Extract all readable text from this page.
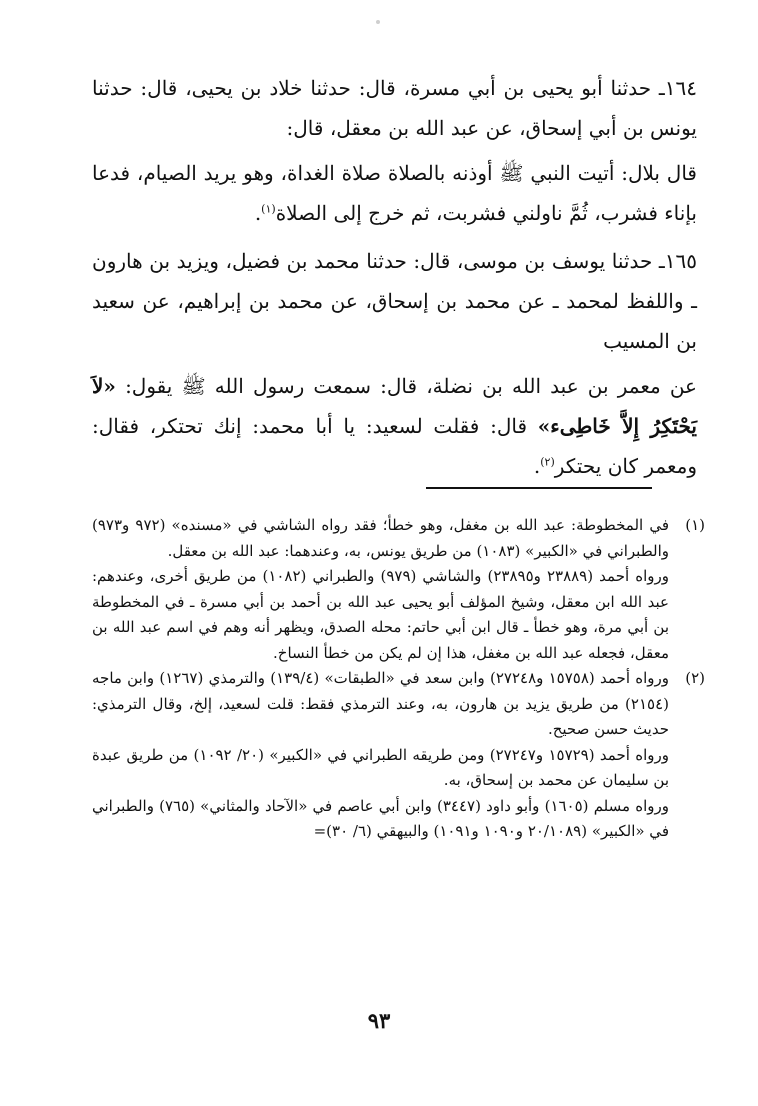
١٦٤ـ حدثنا أبو يحيى بن أبي مسرة، قال: حدثنا خلاد بن يحيى، قال: حدثنا يونس بن أبي إسحاق، عن عبد الله بن معقل، قال:

قال بلال: أتيت النبي ﷺ أوذنه بالصلاة صلاة الغداة، وهو يريد الصيام، فدعا بإناء فشرب، ثُمَّ ناولني فشربت، ثم خرج إلى الصلاة$^{(١)}$.

١٦٥ـ حدثنا يوسف بن موسى، قال: حدثنا محمد بن فضيل، ويزيد بن هارون ـ واللفظ لمحمد ـ عن محمد بن إسحاق، عن محمد بن إبراهيم، عن سعيد بن المسيب

عن معمر بن عبد الله بن نضلة، قال: سمعت رسول الله ﷺ يقول: «لاَ يَحْتَكِرُ إِلاَّ خَاطِىء» قال: فقلت لسعيد: يا أبا محمد: إنك تحتكر، فقال: ومعمر كان يحتكر$^{(٢)}$.

(١)

في المخطوطة: عبد الله بن مغفل، وهو خطأ؛ فقد رواه الشاشي في «مسنده» (٩٧٢ و٩٧٣) والطبراني في «الكبير» (١٠٨٣) من طريق يونس، به، وعندهما: عبد الله بن معقل.

ورواه أحمد (٢٣٨٨٩ و٢٣٨٩٥) والشاشي (٩٧٩) والطبراني (١٠٨٢) من طريق أخرى، وعندهم: عبد الله ابن معقل، وشيخ المؤلف أبو يحيى عبد الله بن أحمد بن أبي مسرة ـ في المخطوطة بن أبي مرة، وهو خطأ ـ قال ابن أبي حاتم: محله الصدق، ويظهر أنه وهم في اسم عبد الله بن معقل، فجعله عبد الله بن مغفل، هذا إن لم يكن من خطأ النساخ.

(٢)

ورواه أحمد (١٥٧٥٨ و٢٧٢٤٨) وابن سعد في «الطبقات» (١٣٩/٤) والترمذي (١٢٦٧) وابن ماجه (٢١٥٤) من طريق يزيد بن هارون، به، وعند الترمذي فقط: قلت لسعيد، إلخ، وقال الترمذي: حديث حسن صحيح.

ورواه أحمد (١٥٧٢٩ و٢٧٢٤٧) ومن طريقه الطبراني في «الكبير» (٢٠/ ١٠٩٢) من طريق عبدة بن سليمان عن محمد بن إسحاق، به.

ورواه مسلم (١٦٠٥) وأبو داود (٣٤٤٧) وابن أبي عاصم في «الآحاد والمثاني» (٧٦٥) والطبراني في «الكبير» (٢٠/١٠٨٩ و١٠٩٠ و١٠٩١) والبيهقي (٦/ ٣٠)=

٩٣
